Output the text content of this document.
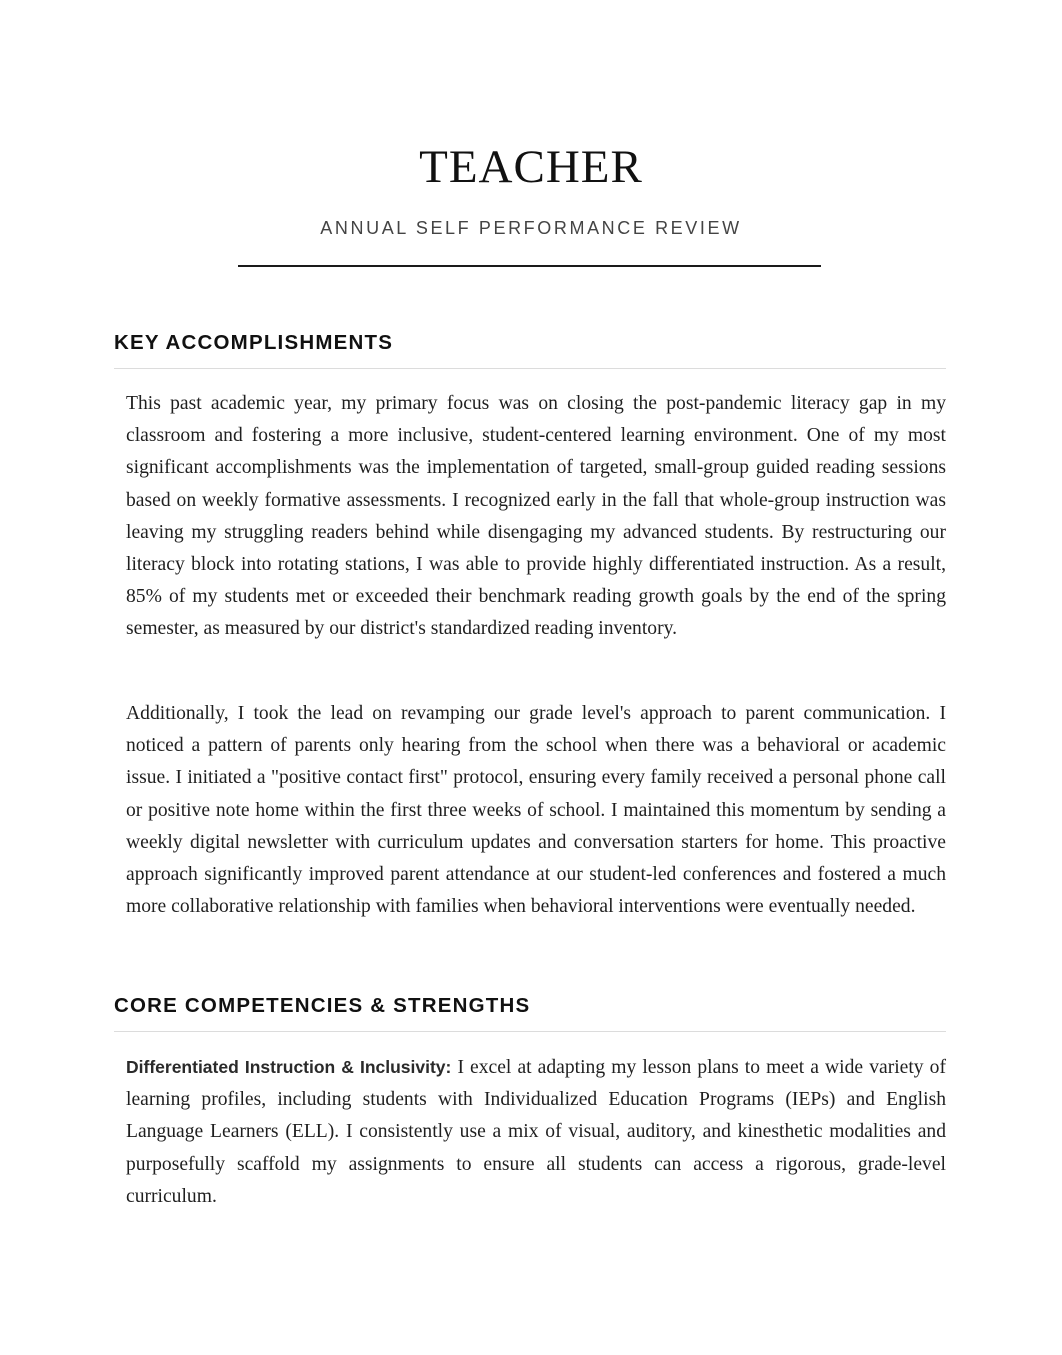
TEACHER
ANNUAL SELF PERFORMANCE REVIEW
KEY ACCOMPLISHMENTS

This past academic year, my primary focus was on closing the post-pandemic literacy gap in my classroom and fostering a more inclusive, student-centered learning environment. One of my most significant accomplishments was the implementation of targeted, small-group guided reading sessions based on weekly formative assessments. I recognized early in the fall that whole-group instruction was leaving my struggling readers behind while disengaging my advanced students. By restructuring our literacy block into rotating stations, I was able to provide highly differentiated instruction. As a result, 85% of my students met or exceeded their benchmark reading growth goals by the end of the spring semester, as measured by our district's standardized reading inventory.

Additionally, I took the lead on revamping our grade level's approach to parent communication. I noticed a pattern of parents only hearing from the school when there was a behavioral or academic issue. I initiated a "positive contact first" protocol, ensuring every family received a personal phone call or positive note home within the first three weeks of school. I maintained this momentum by sending a weekly digital newsletter with curriculum updates and conversation starters for home. This proactive approach significantly improved parent attendance at our student-led conferences and fostered a much more collaborative relationship with families when behavioral interventions were eventually needed.

CORE COMPETENCIES & STRENGTHS

Differentiated Instruction & Inclusivity: I excel at adapting my lesson plans to meet a wide variety of learning profiles, including students with Individualized Education Programs (IEPs) and English Language Learners (ELL). I consistently use a mix of visual, auditory, and kinesthetic modalities and purposefully scaffold my assignments to ensure all students can access a rigorous, grade-level curriculum.
